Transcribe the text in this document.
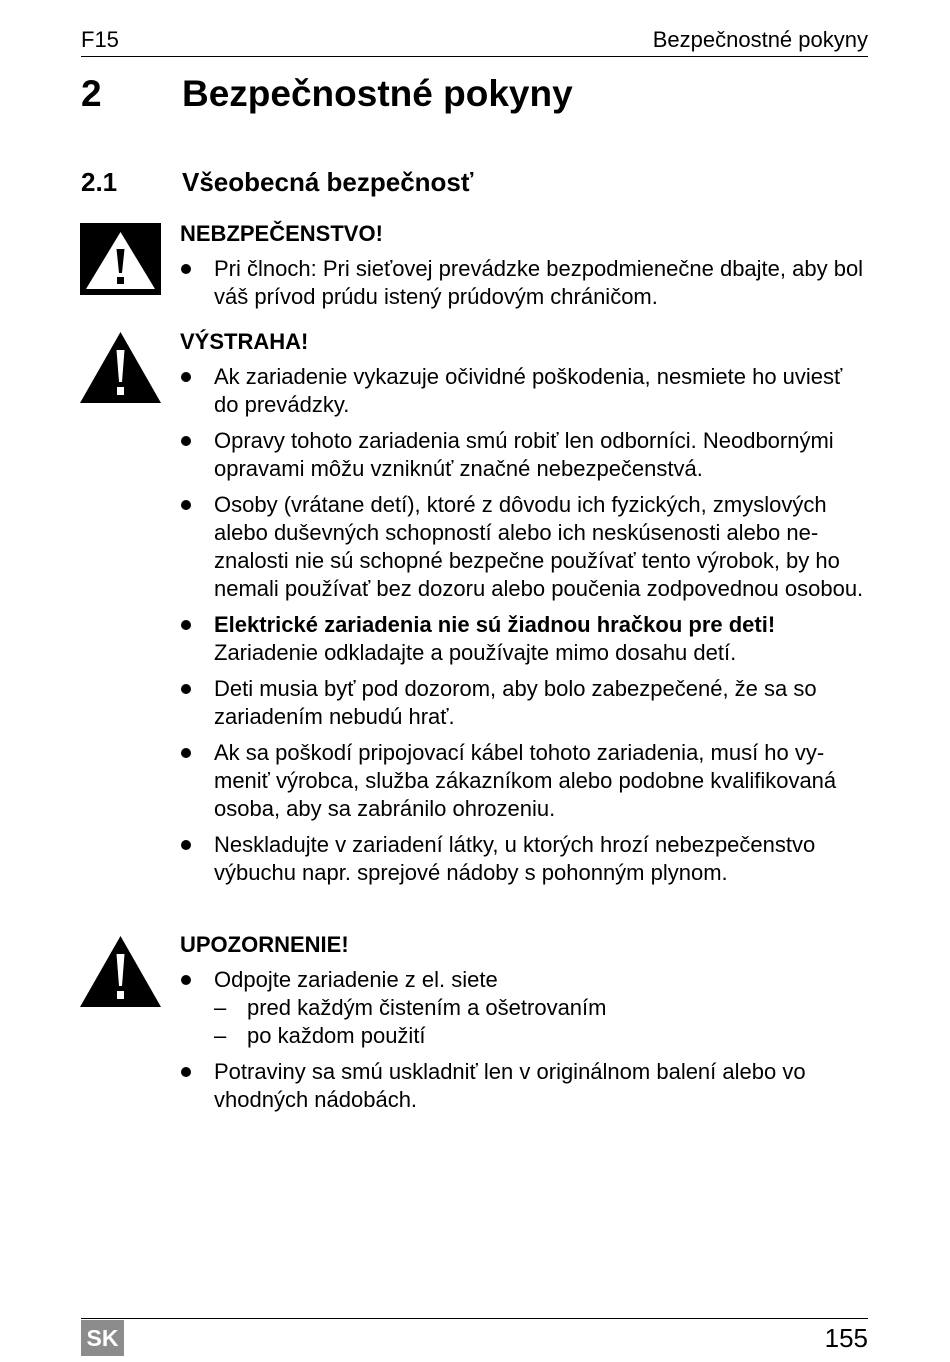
F15	Bezpečnostné pokyny
2 Bezpečnostné pokyny
2.1 Všeobecná bezpečnosť
NEBZPEČENSTVO!
Pri člnoch: Pri sieťovej prevádzke bezpodmienečne dbajte, aby bol váš prívod prúdu istený prúdovým chráničom.
VÝSTRAHA!
Ak zariadenie vykazuje očividné poškodenia, nesmiete ho uviesť do prevádzky.
Opravy tohoto zariadenia smú robiť len odborníci. Neodbornými opravami môžu vzniknúť značné nebezpečenstvá.
Osoby (vrátane detí), ktoré z dôvodu ich fyzických, zmyslových alebo duševných schopností alebo ich neskúsenosti alebo neznalosti nie sú schopné bezpečne používať tento výrobok, by ho nemali používať bez dozoru alebo poučenia zodpovednou osobou.
Elektrické zariadenia nie sú žiadnou hračkou pre deti!
Zariadenie odkladajte a používajte mimo dosahu detí.
Deti musia byť pod dozorom, aby bolo zabezpečené, že sa so zariadením nebudú hrať.
Ak sa poškodí pripojovací kábel tohoto zariadenia, musí ho vymeniť výrobca, služba zákazníkom alebo podobne kvalifikovaná osoba, aby sa zabránilo ohrozeniu.
Neskladujte v zariadení látky, u ktorých hrozí nebezpečenstvo výbuchu napr. sprejové nádoby s pohonným plynom.
UPOZORNENIE!
Odpojte zariadenie z el. siete
– pred každým čistením a ošetrovaním
– po každom použití
Potraviny sa smú uskladniť len v originálnom balení alebo vo vhodných nádobách.
SK	155
